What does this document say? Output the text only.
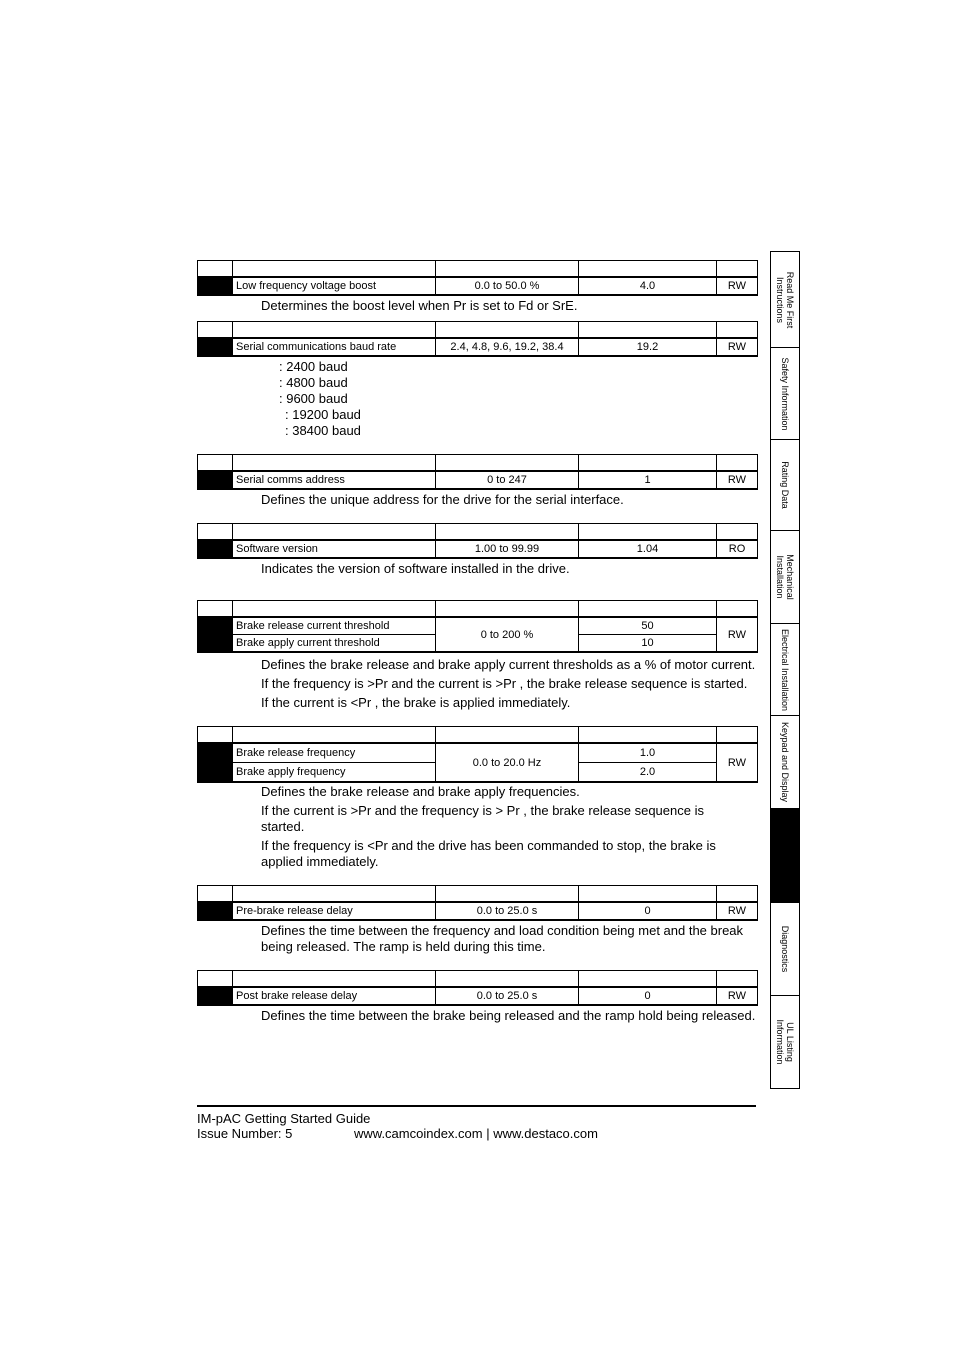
	Low frequency voltage boost	0.0 to 50.0 %	4.0	RW
Determines the boost level when Pr is set to Fd or SrE.

	Serial communications baud rate	2.4, 4.8, 9.6, 19.2, 38.4	19.2	RW
: 2400 baud
: 4800 baud
: 9600 baud
: 19200 baud
: 38400 baud

	Serial comms address	0 to 247	1	RW
Defines the unique address for the drive for the serial interface.

	Software version	1.00 to 99.99	1.04	RO
Indicates the version of software installed in the drive.

	Brake release current threshold	0 to 200 %	50	RW
	Brake apply current threshold		10	
Defines the brake release and brake apply current thresholds as a % of motor current.
If the frequency is >Pr and the current is >Pr , the brake release sequence is started.
If the current is <Pr , the brake is applied immediately.

	Brake release frequency	0.0 to 20.0 Hz	1.0	RW
	Brake apply frequency		2.0	
Defines the brake release and brake apply frequencies.
If the current is >Pr and the frequency is > Pr , the brake release sequence is started.
If the frequency is <Pr and the drive has been commanded to stop, the brake is applied immediately.

	Pre-brake release delay	0.0 to 25.0 s	0	RW
Defines the time between the frequency and load condition being met and the break being released. The ramp is held during this time.

	Post brake release delay	0.0 to 25.0 s	0	RW
Defines the time between the brake being released and the ramp hold being released.
Read Me First
Instructions
Safety Information
Rating Data
Mechanical
Installation
Electrical Installation
Keypad and Display
Diagnostics
UL Listing
Information
IM-pAC Getting Started Guide
Issue Number: 5	www.camcoindex.com | www.destaco.com
